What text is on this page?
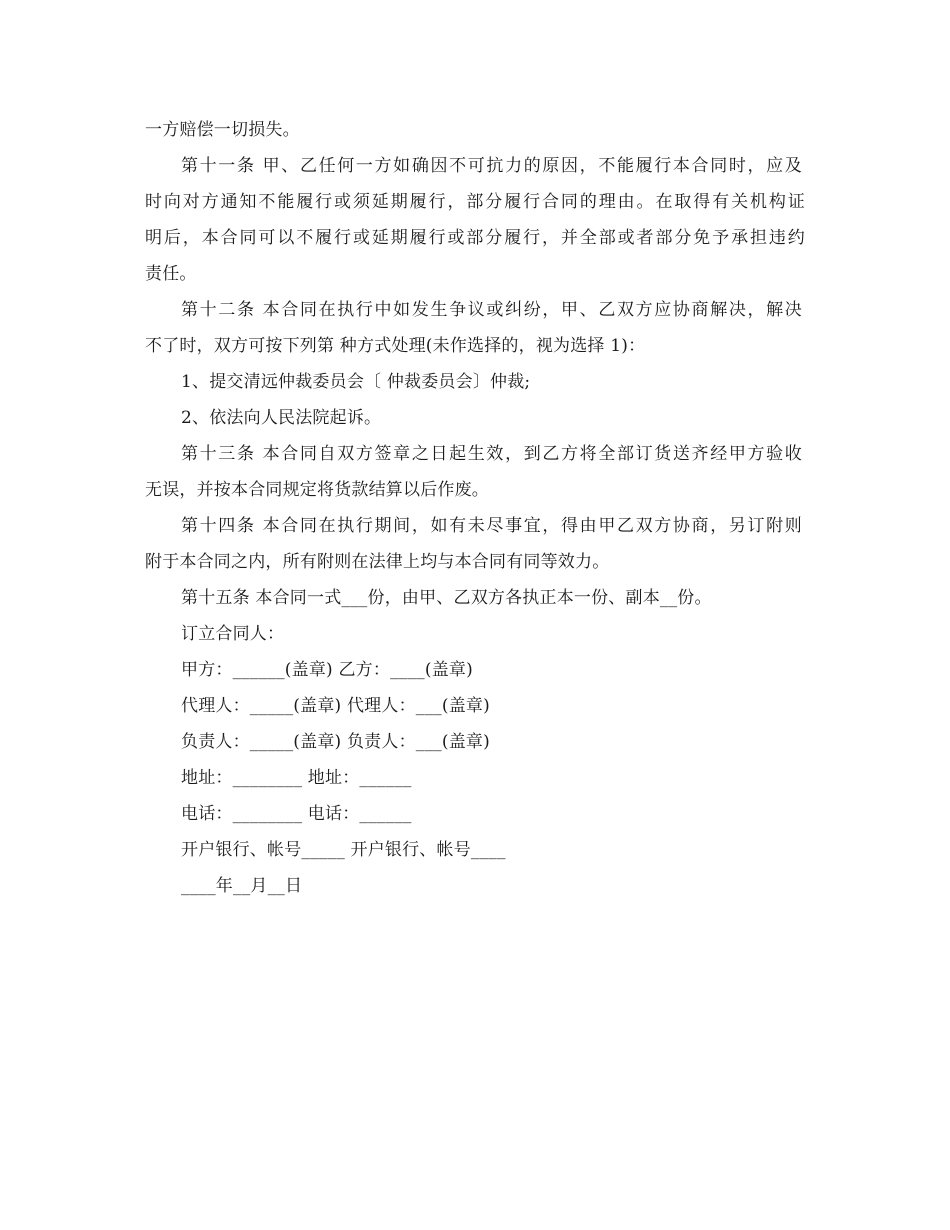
一方赔偿一切损失。
第十一条 甲、乙任何一方如确因不可抗力的原因，不能履行本合同时，应及
时向对方通知不能履行或须延期履行，部分履行合同的理由。在取得有关机构证
明后，本合同可以不履行或延期履行或部分履行，并全部或者部分免予承担违约
责任。
第十二条 本合同在执行中如发生争议或纠纷，甲、乙双方应协商解决，解决
不了时，双方可按下列第 种方式处理(未作选择的，视为选择 1)：
1、提交清远仲裁委员会〔 仲裁委员会〕仲裁;
2、依法向人民法院起诉。
第十三条 本合同自双方签章之日起生效，到乙方将全部订货送齐经甲方验收
无误，并按本合同规定将货款结算以后作废。
第十四条 本合同在执行期间，如有未尽事宜，得由甲乙双方协商，另订附则
附于本合同之内，所有附则在法律上均与本合同有同等效力。
第十五条 本合同一式___份，由甲、乙双方各执正本一份、副本__份。
订立合同人：
甲方：______(盖章) 乙方：____(盖章)
代理人：_____(盖章) 代理人：___(盖章)
负责人：_____(盖章) 负责人：___(盖章)
地址：________ 地址：______
电话：________ 电话：______
开户银行、帐号_____ 开户银行、帐号____
____年__月__日
